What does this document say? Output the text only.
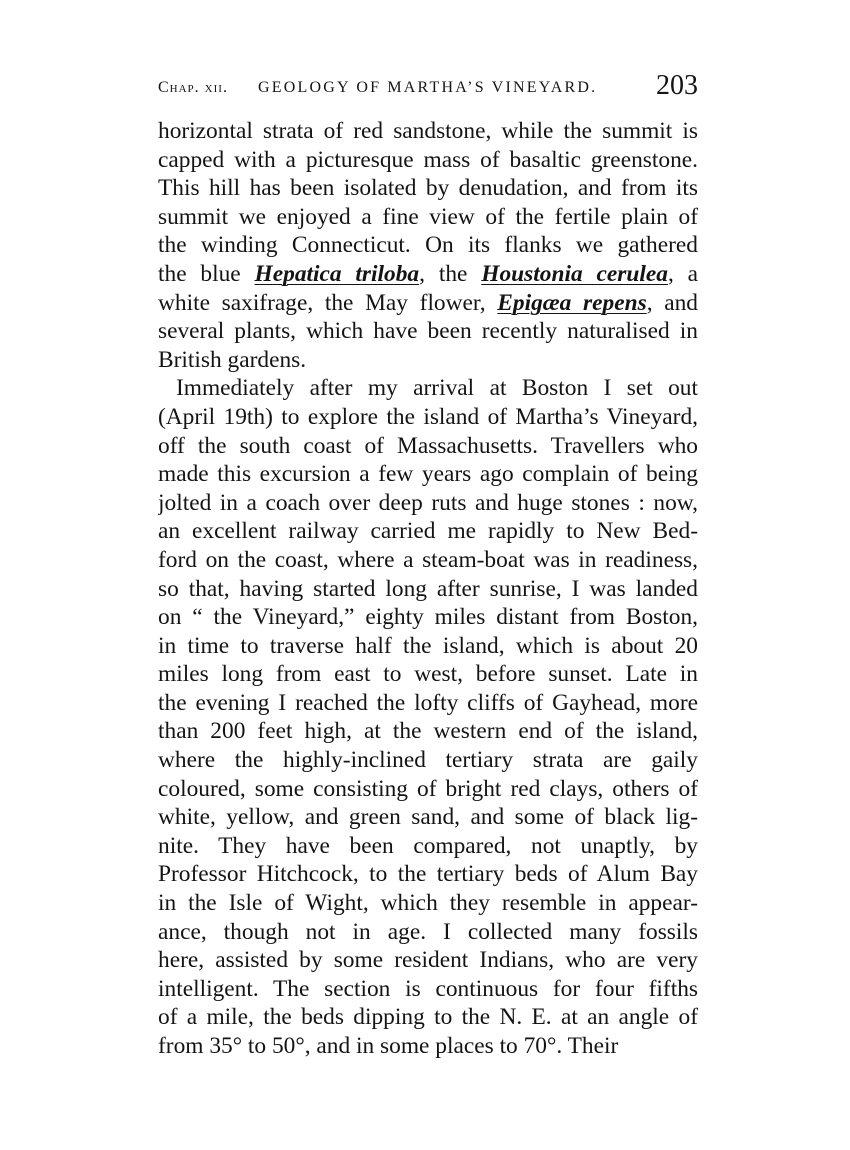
Chap. xii. GEOLOGY OF MARTHA’S VINEYARD. 203
horizontal strata of red sandstone, while the summit is
capped with a picturesque mass of basaltic greenstone.
This hill has been isolated by denudation, and from its
summit we enjoyed a fine view of the fertile plain of
the winding Connecticut. On its flanks we gathered
the blue Hepatica triloba, the Houstonia cerulea, a
white saxifrage, the May flower, Epigæa repens, and
several plants, which have been recently naturalised in
British gardens.
Immediately after my arrival at Boston I set out
(April 19th) to explore the island of Martha’s Vineyard,
off the south coast of Massachusetts. Travellers who
made this excursion a few years ago complain of being
jolted in a coach over deep ruts and huge stones : now,
an excellent railway carried me rapidly to New Bed-
ford on the coast, where a steam-boat was in readiness,
so that, having started long after sunrise, I was landed
on “ the Vineyard,” eighty miles distant from Boston,
in time to traverse half the island, which is about 20
miles long from east to west, before sunset. Late in
the evening I reached the lofty cliffs of Gayhead, more
than 200 feet high, at the western end of the island,
where the highly-inclined tertiary strata are gaily
coloured, some consisting of bright red clays, others of
white, yellow, and green sand, and some of black lig-
nite. They have been compared, not unaptly, by
Professor Hitchcock, to the tertiary beds of Alum Bay
in the Isle of Wight, which they resemble in appear-
ance, though not in age. I collected many fossils
here, assisted by some resident Indians, who are very
intelligent. The section is continuous for four fifths
of a mile, the beds dipping to the N. E. at an angle of
from 35° to 50°, and in some places to 70°. Their
